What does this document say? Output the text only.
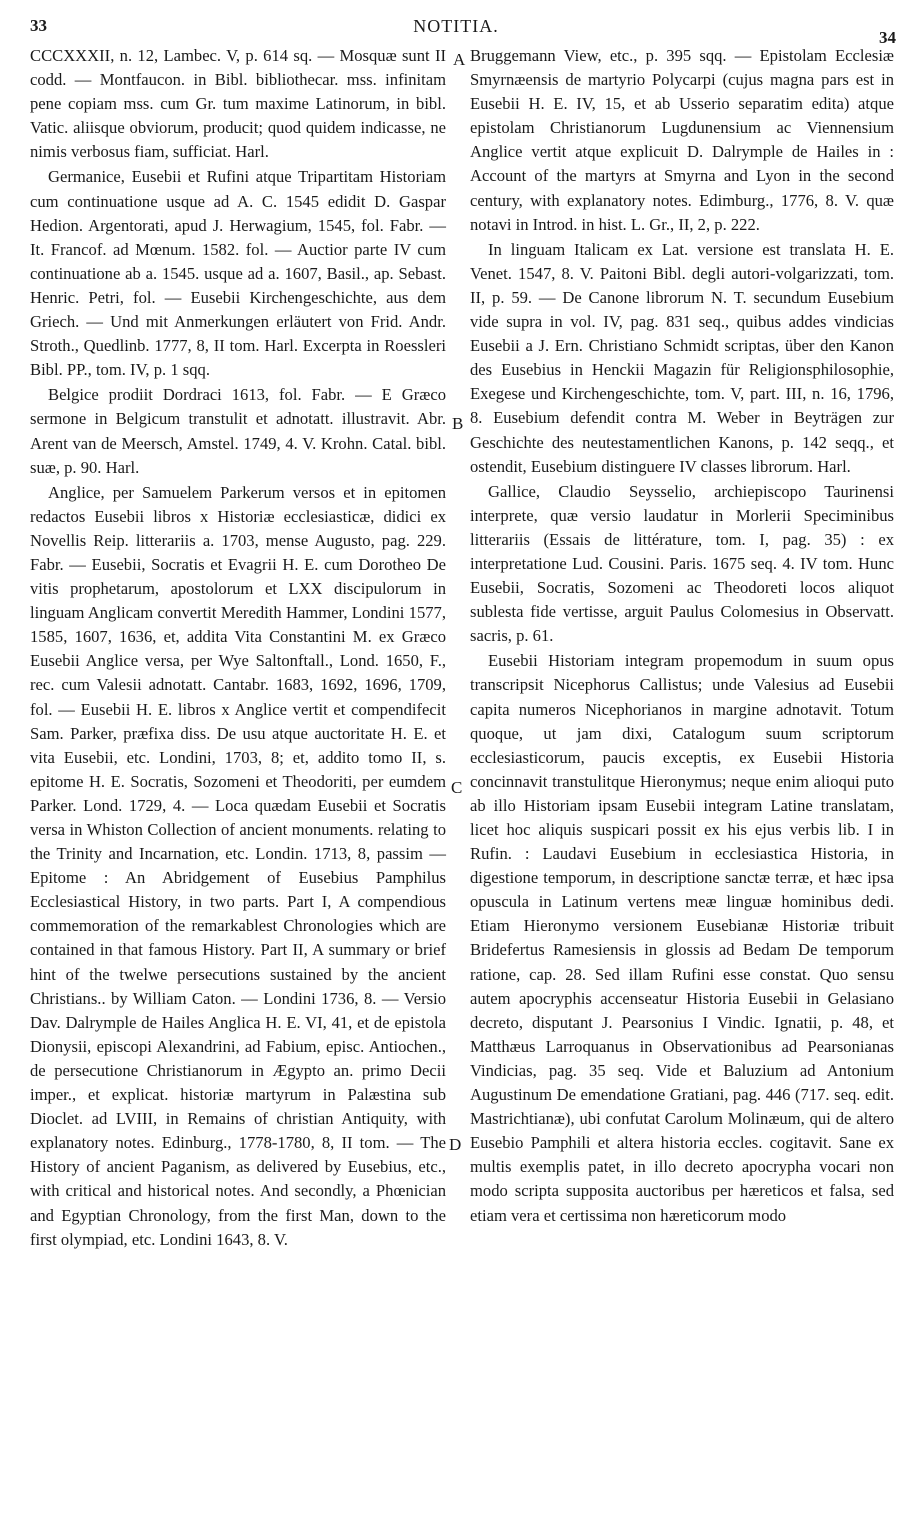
33	NOTITIA.
34

CCCXXXII, n. 12, Lambec. V, p. 614 sq. — Mosquæ sunt II codd. — Montfaucon. in Bibl. bibliothecar. mss. infinitam pene copiam mss. cum Gr. tum maxime Latinorum, in bibl. Vatic. aliisque obviorum, producit; quod quidem indicasse, ne nimis verbosus fiam, sufficiat. Harl.

Germanice, Eusebii et Rufini atque Tripartitam Historiam cum continuatione usque ad A. C. 1545 edidit D. Gaspar Hedion. Argentorati, apud J. Herwagium, 1545, fol. Fabr. — It. Francof. ad Mœnum. 1582. fol. — Auctior parte IV cum continuatione ab a. 1545. usque ad a. 1607, Basil., ap. Sebast. Henric. Petri, fol. — Eusebii Kirchengeschichte, aus dem Griech. — Und mit Anmerkungen erläutert von Frid. Andr. Stroth., Quedlinb. 1777, 8, II tom. Harl. Excerpta in Roessleri Bibl. PP., tom. IV, p. 1 sqq.

Belgice prodiit Dordraci 1613, fol. Fabr. — E Græco sermone in Belgicum transtulit et adnotatt. illustravit. Abr. Arent van de Meersch, Amstel. 1749, 4. V. Krohn. Catal. bibl. suæ, p. 90. Harl.

Anglice, per Samuelem Parkerum versos et in epitomen redactos Eusebii libros x Historiæ ecclesiasticæ, didici ex Novellis Reip. litterariis a. 1703, mense Augusto, pag. 229. Fabr. — Eusebii, Socratis et Evagrii H. E. cum Dorotheo De vitis prophetarum, apostolorum et LXX discipulorum in linguam Anglicam convertit Meredith Hammer, Londini 1577, 1585, 1607, 1636, et, addita Vita Constantini M. ex Græco Eusebii Anglice versa, per Wye Saltonftall., Lond. 1650, F., rec. cum Valesii adnotatt. Cantabr. 1683, 1692, 1696, 1709, fol. — Eusebii H. E. libros x Anglice vertit et compendifecit Sam. Parker, præfixa diss. De usu atque auctoritate H. E. et vita Eusebii, etc. Londini, 1703, 8; et, addito tomo II, s. epitome H. E. Socratis, Sozomeni et Theodoriti, per eumdem Parker. Lond. 1729, 4. — Loca quædam Eusebii et Socratis versa in Whiston Collection of ancient monuments. relating to the Trinity and Incarnation, etc. Londin. 1713, 8, passim — Epitome : An Abridgement of Eusebius Pamphilus Ecclesiastical History, in two parts. Part I, A compendious commemoration of the remarkablest Chronologies which are contained in that famous History. Part II, A summary or brief hint of the twelwe persecutions sustained by the ancient Christians.. by William Caton. — Londini 1736, 8. — Versio Dav. Dalrymple de Hailes Anglica H. E. VI, 41, et de epistola Dionysii, episcopi Alexandrini, ad Fabium, episc. Antiochen., de persecutione Christianorum in Ægypto an. primo Decii imper., et explicat. historiæ martyrum in Palæstina sub Dioclet. ad LVIII, in Remains of christian Antiquity, with explanatory notes. Edinburg., 1778-1780, 8, II tom. — The History of ancient Paganism, as delivered by Eusebius, etc., with critical and historical notes. And secondly, a Phœnician and Egyptian Chronology, from the first Man, down to the first olympiad, etc. Londini 1643, 8. V.

A
B
C
D

Bruggemann View, etc., p. 395 sqq. — Epistolam Ecclesiæ Smyrnæensis de martyrio Polycarpi (cujus magna pars est in Eusebii H. E. IV, 15, et ab Usserio separatim edita) atque epistolam Christianorum Lugdunensium ac Viennensium Anglice vertit atque explicuit D. Dalrymple de Hailes in : Account of the martyrs at Smyrna and Lyon in the second century, with explanatory notes. Edimburg., 1776, 8. V. quæ notavi in Introd. in hist. L. Gr., II, 2, p. 222.

In linguam Italicam ex Lat. versione est translata H. E. Venet. 1547, 8. V. Paitoni Bibl. degli autori-volgarizzati, tom. II, p. 59. — De Canone librorum N. T. secundum Eusebium vide supra in vol. IV, pag. 831 seq., quibus addes vindicias Eusebii a J. Ern. Christiano Schmidt scriptas, über den Kanon des Eusebius in Henckii Magazin für Religionsphilosophie, Exegese und Kirchengeschichte, tom. V, part. III, n. 16, 1796, 8. Eusebium defendit contra M. Weber in Beyträgen zur Geschichte des neutestamentlichen Kanons, p. 142 seqq., et ostendit, Eusebium distinguere IV classes librorum. Harl.

Gallice, Claudio Seysselio, archiepiscopo Taurinensi interprete, quæ versio laudatur in Morlerii Speciminibus litterariis (Essais de littérature, tom. I, pag. 35) : ex interpretatione Lud. Cousini. Paris. 1675 seq. 4. IV tom. Hunc Eusebii, Socratis, Sozomeni ac Theodoreti locos aliquot sublesta fide vertisse, arguit Paulus Colomesius in Observatt. sacris, p. 61.

Eusebii Historiam integram propemodum in suum opus transcripsit Nicephorus Callistus; unde Valesius ad Eusebii capita numeros Nicephorianos in margine adnotavit. Totum quoque, ut jam dixi, Catalogum suum scriptorum ecclesiasticorum, paucis exceptis, ex Eusebii Historia concinnavit transtulitque Hieronymus; neque enim alioqui puto ab illo Historiam ipsam Eusebii integram Latine translatam, licet hoc aliquis suspicari possit ex his ejus verbis lib. I in Rufin. : Laudavi Eusebium in ecclesiastica Historia, in digestione temporum, in descriptione sanctæ terræ, et hæc ipsa opuscula in Latinum vertens meæ linguæ hominibus dedi. Etiam Hieronymo versionem Eusebianæ Historiæ tribuit Bridefertus Ramesiensis in glossis ad Bedam De temporum ratione, cap. 28. Sed illam Rufini esse constat. Quo sensu autem apocryphis accenseatur Historia Eusebii in Gelasiano decreto, disputant J. Pearsonius I Vindic. Ignatii, p. 48, et Matthæus Larroquanus in Observationibus ad Pearsonianas Vindicias, pag. 35 seq. Vide et Baluzium ad Antonium Augustinum De emendatione Gratiani, pag. 446 (717. seq. edit. Mastrichtianæ), ubi confutat Carolum Molinæum, qui de altero Eusebio Pamphili et altera historia eccles. cogitavit. Sane ex multis exemplis patet, in illo decreto apocrypha vocari non modo scripta supposita auctoribus per hæreticos et falsa, sed etiam vera et certissima non hæreticorum modo
